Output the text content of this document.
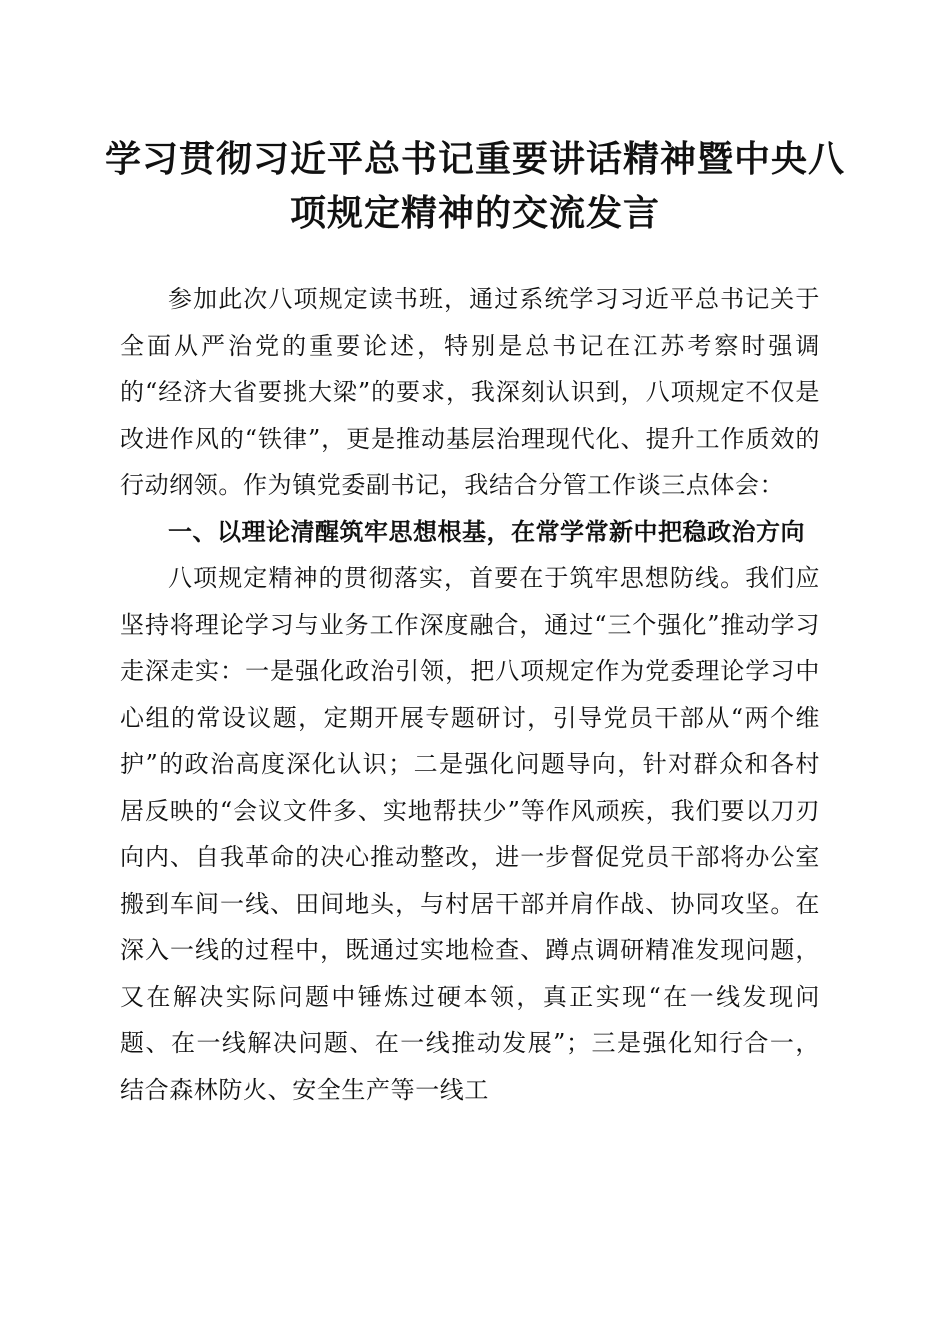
学习贯彻习近平总书记重要讲话精神暨中央八项规定精神的交流发言

参加此次八项规定读书班，通过系统学习习近平总书记关于全面从严治党的重要论述，特别是总书记在江苏考察时强调的“经济大省要挑大梁”的要求，我深刻认识到，八项规定不仅是改进作风的“铁律”，更是推动基层治理现代化、提升工作质效的行动纲领。作为镇党委副书记，我结合分管工作谈三点体会：

一、以理论清醒筑牢思想根基，在常学常新中把稳政治方向

八项规定精神的贯彻落实，首要在于筑牢思想防线。我们应坚持将理论学习与业务工作深度融合，通过“三个强化”推动学习走深走实：一是强化政治引领，把八项规定作为党委理论学习中心组的常设议题，定期开展专题研讨，引导党员干部从“两个维护”的政治高度深化认识；二是强化问题导向，针对群众和各村居反映的“会议文件多、实地帮扶少”等作风顽疾，我们要以刀刃向内、自我革命的决心推动整改，进一步督促党员干部将办公室搬到车间一线、田间地头，与村居干部并肩作战、协同攻坚。在深入一线的过程中，既通过实地检查、蹲点调研精准发现问题，又在解决实际问题中锤炼过硬本领，真正实现“在一线发现问题、在一线解决问题、在一线推动发展”；三是强化知行合一，结合森林防火、安全生产等一线工
